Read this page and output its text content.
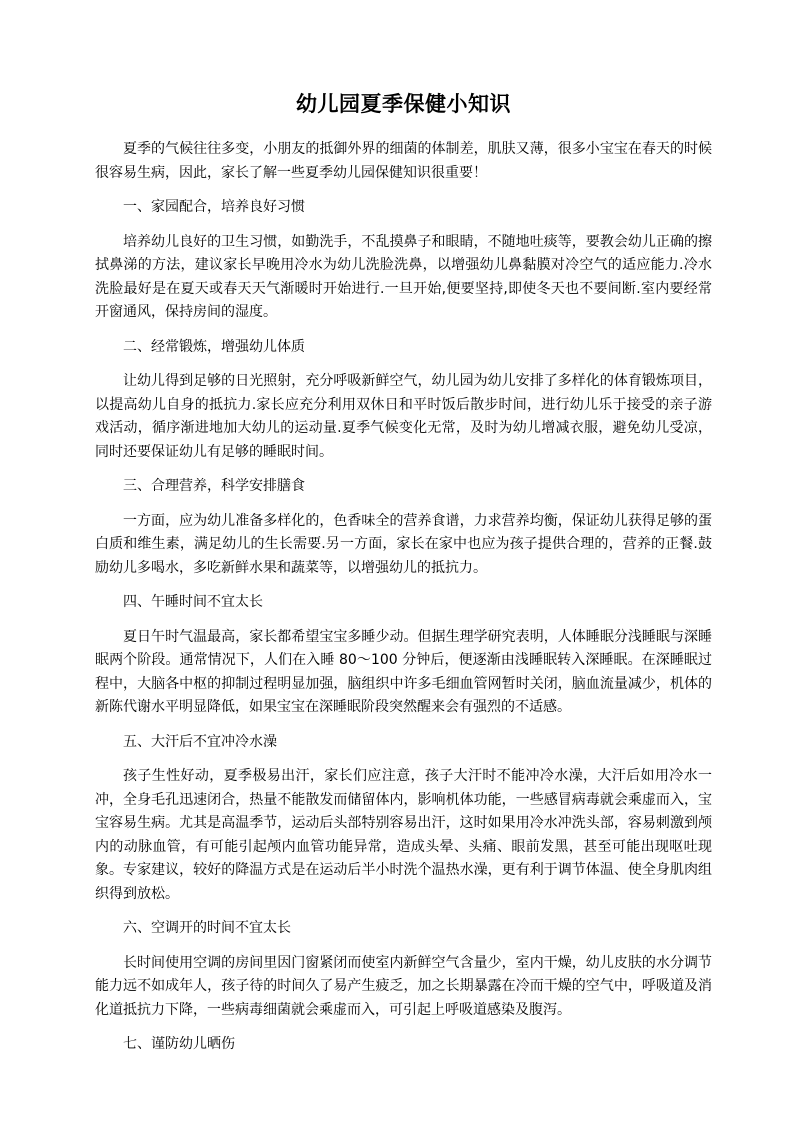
幼儿园夏季保健小知识

夏季的气候往往多变，小朋友的抵御外界的细菌的体制差，肌肤又薄，很多小宝宝在春天的时候很容易生病，因此，家长了解一些夏季幼儿园保健知识很重要！

一、家园配合，培养良好习惯

培养幼儿良好的卫生习惯，如勤洗手，不乱摸鼻子和眼睛，不随地吐痰等，要教会幼儿正确的擦拭鼻涕的方法，建议家长早晚用冷水为幼儿洗脸洗鼻，以增强幼儿鼻黏膜对冷空气的适应能力.冷水洗脸最好是在夏天或春天天气渐暖时开始进行.一旦开始,便要坚持,即使冬天也不要间断.室内要经常开窗通风，保持房间的湿度。

二、经常锻炼，增强幼儿体质

让幼儿得到足够的日光照射，充分呼吸新鲜空气，幼儿园为幼儿安排了多样化的体育锻炼项目，以提高幼儿自身的抵抗力.家长应充分利用双休日和平时饭后散步时间，进行幼儿乐于接受的亲子游戏活动，循序渐进地加大幼儿的运动量.夏季气候变化无常，及时为幼儿增减衣服，避免幼儿受凉，同时还要保证幼儿有足够的睡眠时间。

三、合理营养，科学安排膳食

一方面，应为幼儿准备多样化的，色香味全的营养食谱，力求营养均衡，保证幼儿获得足够的蛋白质和维生素，满足幼儿的生长需要.另一方面，家长在家中也应为孩子提供合理的，营养的正餐.鼓励幼儿多喝水，多吃新鲜水果和蔬菜等，以增强幼儿的抵抗力。

四、午睡时间不宜太长

夏日午时气温最高，家长都希望宝宝多睡少动。但据生理学研究表明，人体睡眠分浅睡眠与深睡眠两个阶段。通常情况下，人们在入睡 80～100 分钟后，便逐渐由浅睡眠转入深睡眠。在深睡眠过程中，大脑各中枢的抑制过程明显加强，脑组织中许多毛细血管网暂时关闭，脑血流量减少，机体的新陈代谢水平明显降低，如果宝宝在深睡眠阶段突然醒来会有强烈的不适感。

五、大汗后不宜冲冷水澡

孩子生性好动，夏季极易出汗，家长们应注意，孩子大汗时不能冲冷水澡，大汗后如用冷水一冲，全身毛孔迅速闭合，热量不能散发而储留体内，影响机体功能，一些感冒病毒就会乘虚而入，宝宝容易生病。尤其是高温季节，运动后头部特别容易出汗，这时如果用冷水冲洗头部，容易刺激到颅内的动脉血管，有可能引起颅内血管功能异常，造成头晕、头痛、眼前发黑，甚至可能出现呕吐现象。专家建议，较好的降温方式是在运动后半小时洗个温热水澡，更有利于调节体温、使全身肌肉组织得到放松。

六、空调开的时间不宜太长

长时间使用空调的房间里因门窗紧闭而使室内新鲜空气含量少，室内干燥，幼儿皮肤的水分调节能力远不如成年人，孩子待的时间久了易产生疲乏，加之长期暴露在冷而干燥的空气中，呼吸道及消化道抵抗力下降，一些病毒细菌就会乘虚而入，可引起上呼吸道感染及腹泻。

七、谨防幼儿晒伤
